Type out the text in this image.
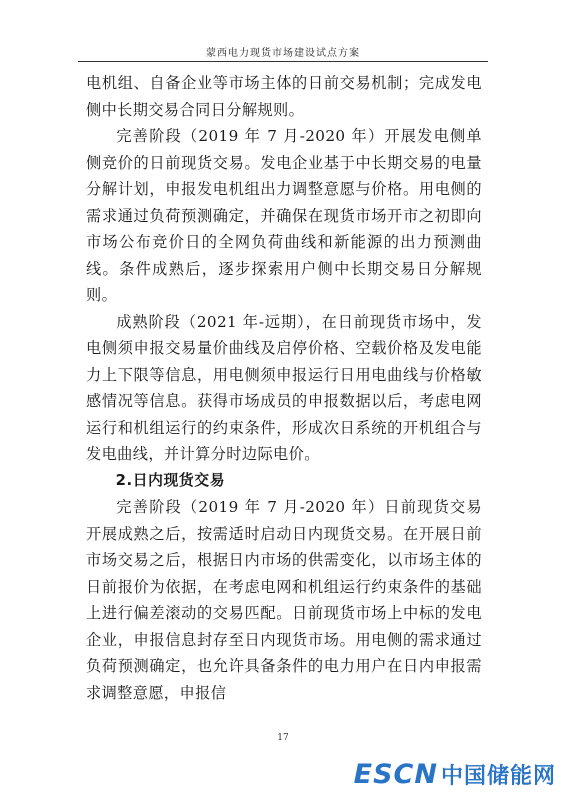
蒙西电力现货市场建设试点方案

电机组、自备企业等市场主体的日前交易机制；完成发电侧中长期交易合同日分解规则。

完善阶段（2019 年 7 月-2020 年）开展发电侧单侧竞价的日前现货交易。发电企业基于中长期交易的电量分解计划，申报发电机组出力调整意愿与价格。用电侧的需求通过负荷预测确定，并确保在现货市场开市之初即向市场公布竞价日的全网负荷曲线和新能源的出力预测曲线。条件成熟后，逐步探索用户侧中长期交易日分解规则。

成熟阶段（2021 年-远期），在日前现货市场中，发电侧须申报交易量价曲线及启停价格、空载价格及发电能力上下限等信息，用电侧须申报运行日用电曲线与价格敏感情况等信息。获得市场成员的申报数据以后，考虑电网运行和机组运行的约束条件，形成次日系统的开机组合与发电曲线，并计算分时边际电价。

2.日内现货交易

完善阶段（2019 年 7 月-2020 年）日前现货交易开展成熟之后，按需适时启动日内现货交易。在开展日前市场交易之后，根据日内市场的供需变化，以市场主体的日前报价为依据，在考虑电网和机组运行约束条件的基础上进行偏差滚动的交易匹配。日前现货市场上中标的发电企业，申报信息封存至日内现货市场。用电侧的需求通过负荷预测确定，也允许具备条件的电力用户在日内申报需求调整意愿，申报信

17
ESCN 中国储能网
